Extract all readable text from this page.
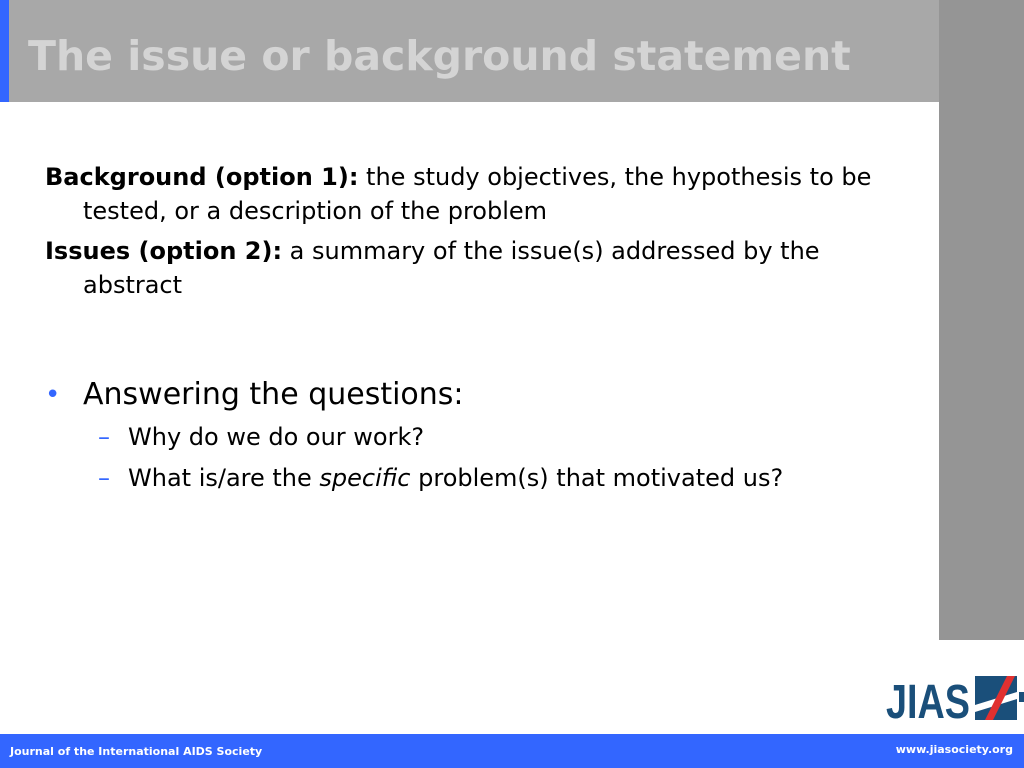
The issue or background statement

Background (option 1): the study objectives, the hypothesis to be tested, or a description of the problem

Issues (option 2): a summary of the issue(s) addressed by the abstract

• Answering the questions:
– Why do we do our work?
– What is/are the specific problem(s) that motivated us?
JIAS
Journal of the International AIDS Society	www.jiasociety.org
